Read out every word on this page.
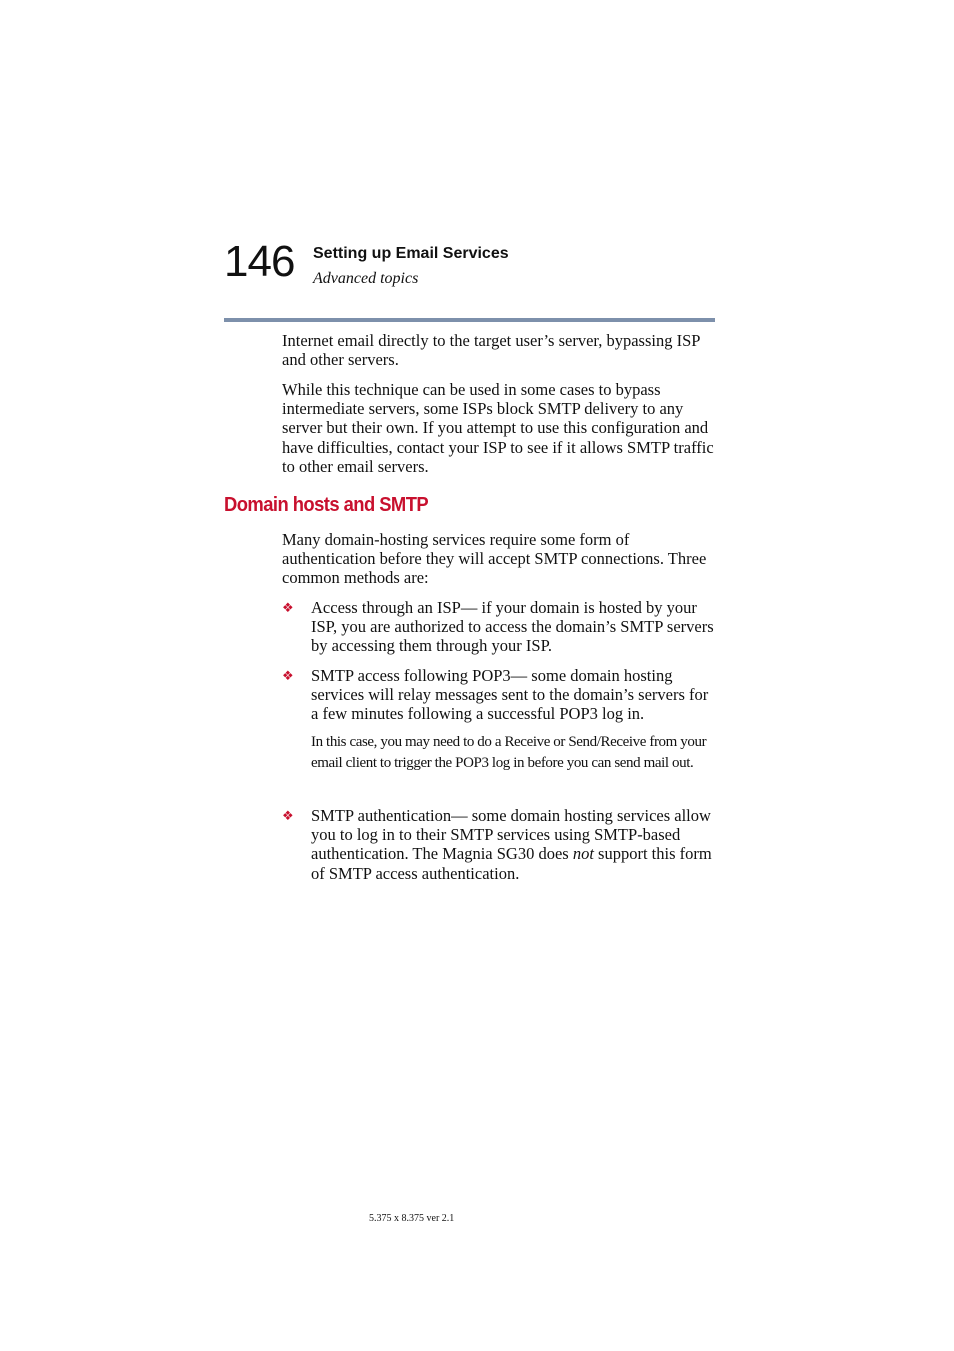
146 Setting up Email Services
Advanced topics

Internet email directly to the target user’s server, bypassing ISP and other servers.

While this technique can be used in some cases to bypass intermediate servers, some ISPs block SMTP delivery to any server but their own. If you attempt to use this configuration and have difficulties, contact your ISP to see if it allows SMTP traffic to other email servers.

Domain hosts and SMTP

Many domain-hosting services require some form of authentication before they will accept SMTP connections. Three common methods are:

❖ Access through an ISP— if your domain is hosted by your ISP, you are authorized to access the domain’s SMTP servers by accessing them through your ISP.

❖ SMTP access following POP3— some domain hosting services will relay messages sent to the domain’s servers for a few minutes following a successful POP3 log in.

In this case, you may need to do a Receive or Send/Receive from your email client to trigger the POP3 log in before you can send mail out.

❖ SMTP authentication— some domain hosting services allow you to log in to their SMTP services using SMTP-based authentication. The Magnia SG30 does not support this form of SMTP access authentication.

5.375 x 8.375 ver 2.1
